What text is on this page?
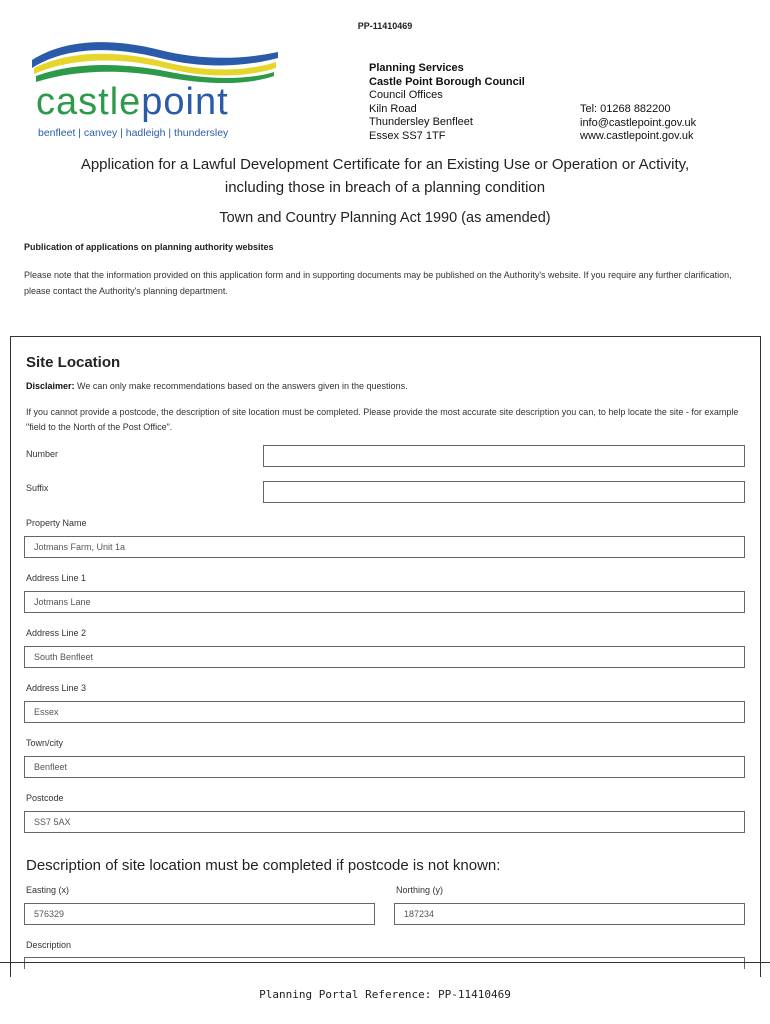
PP-11410469
castlepoint
benfleet | canvey | hadleigh | thundersley
Planning Services
Castle Point Borough Council
Council Offices
Kiln Road
Thundersley Benfleet
Essex SS7 1TF
Tel: 01268 882200
info@castlepoint.gov.uk
www.castlepoint.gov.uk
Application for a Lawful Development Certificate for an Existing Use or Operation or Activity,
including those in breach of a planning condition
Town and Country Planning Act 1990 (as amended)
Publication of applications on planning authority websites
Please note that the information provided on this application form and in supporting documents may be published on the Authority's website. If you require any further clarification, please contact the Authority's planning department.
Site Location
Disclaimer: We can only make recommendations based on the answers given in the questions.
If you cannot provide a postcode, the description of site location must be completed. Please provide the most accurate site description you can, to help locate the site - for example "field to the North of the Post Office".
Number
Suffix
Property Name
Jotmans Farm, Unit 1a
Address Line 1
Jotmans Lane
Address Line 2
South Benfleet
Address Line 3
Essex
Town/city
Benfleet
Postcode
SS7 5AX
Description of site location must be completed if postcode is not known:
Easting (x)
576329
Northing (y)
187234
Description
Planning Portal Reference: PP-11410469
